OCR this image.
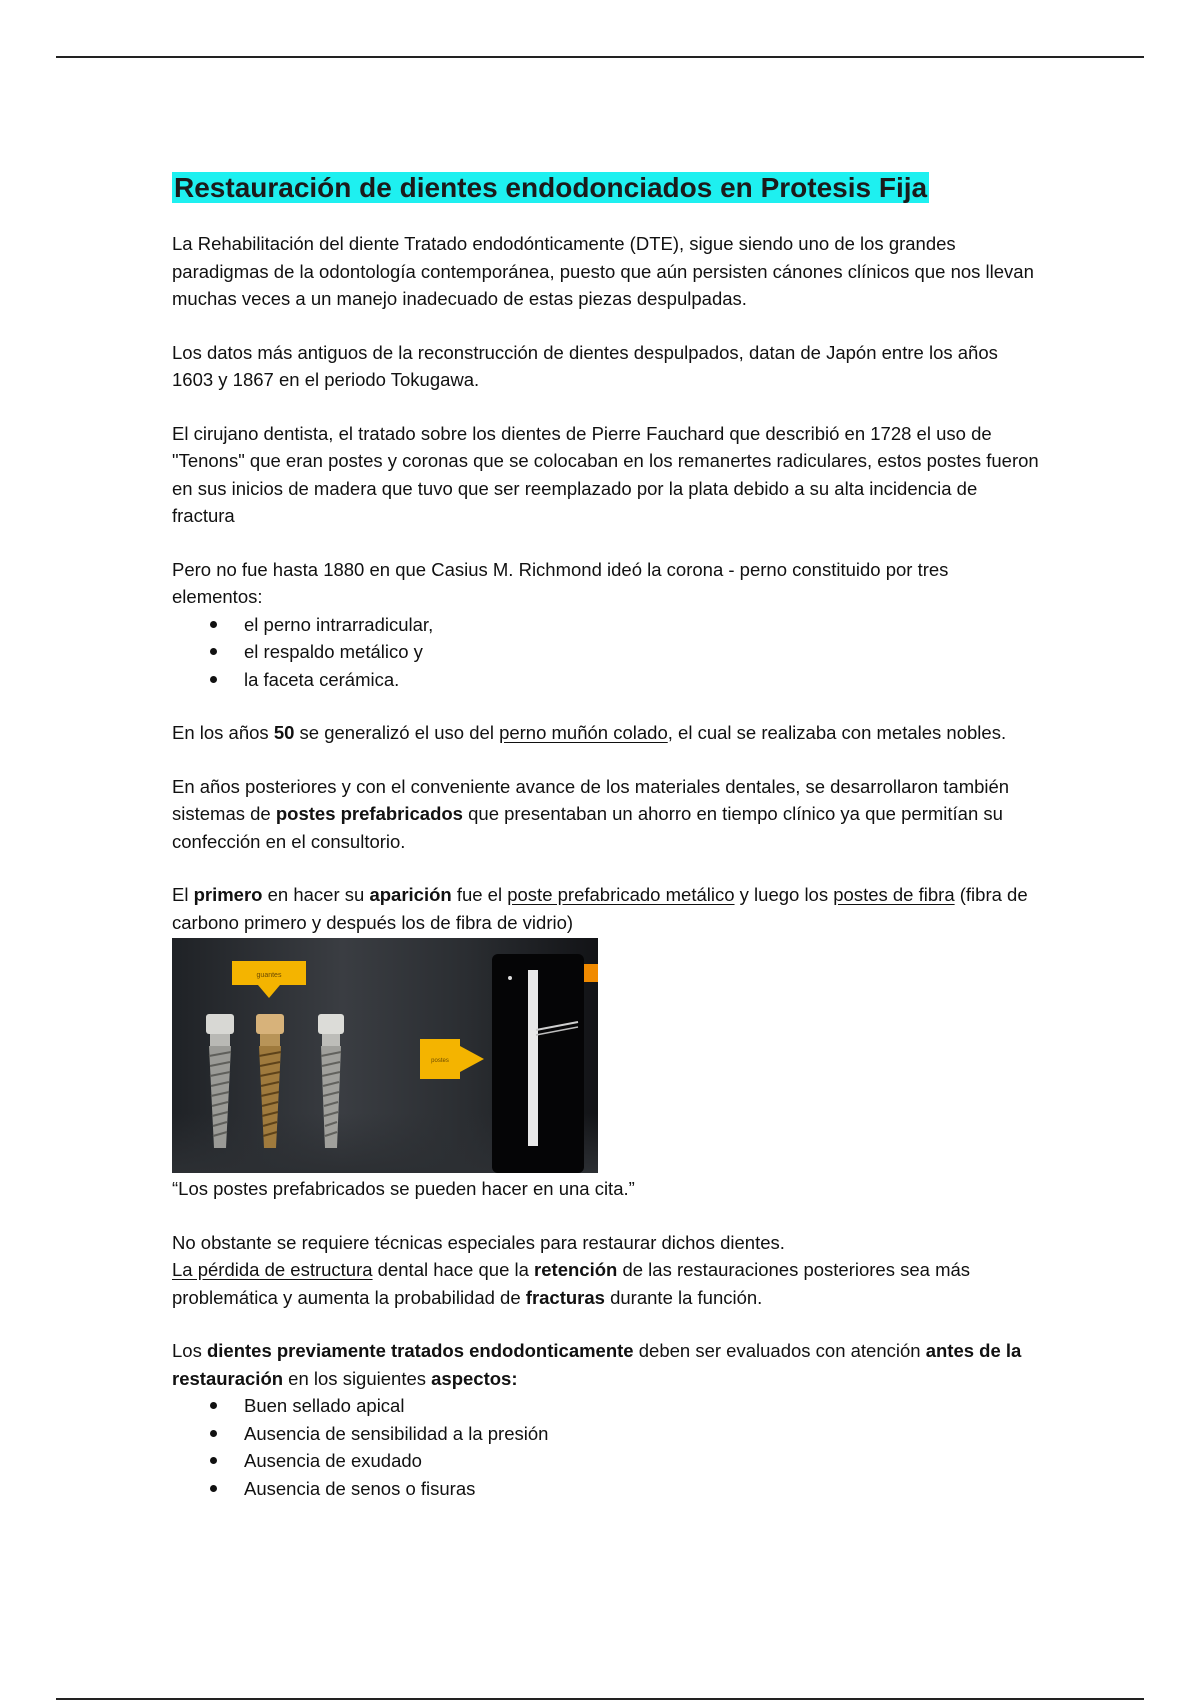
Restauración de dientes endodonciados en Protesis Fija

La Rehabilitación del diente Tratado endodónticamente (DTE), sigue siendo uno de los grandes paradigmas de la odontología contemporánea, puesto que aún persisten cánones clínicos que nos llevan muchas veces a un manejo inadecuado de estas piezas despulpadas.

Los datos más antiguos de la reconstrucción de dientes despulpados, datan de Japón entre los años 1603 y 1867 en el periodo Tokugawa.

El cirujano dentista, el tratado sobre los dientes de Pierre Fauchard que describió en 1728 el uso de "Tenons" que eran postes y coronas que se colocaban en los remanertes radiculares, estos postes fueron en sus inicios de madera que tuvo que ser reemplazado por la plata debido a su alta incidencia de fractura

Pero no fue hasta 1880 en que Casius M. Richmond ideó la corona - perno constituido por tres elementos:

el perno intrarradicular,
el respaldo metálico y
la faceta cerámica.

En los años 50 se generalizó el uso del perno muñón colado, el cual se realizaba con metales nobles.

En años posteriores y con el conveniente avance de los materiales dentales, se desarrollaron también sistemas de postes prefabricados que presentaban un ahorro en tiempo clínico ya que permitían su confección en el consultorio.

El primero en hacer su aparición fue el poste prefabricado metálico y luego los postes de fibra (fibra de carbono primero y después los de fibra de vidrio)

guantes
postes

“Los postes prefabricados se pueden hacer en una cita.”

No obstante se requiere técnicas especiales para restaurar dichos dientes.

La pérdida de estructura dental hace que la retención de las restauraciones posteriores sea más problemática y aumenta la probabilidad de fracturas durante la función.

Los dientes previamente tratados endodonticamente deben ser evaluados con atención antes de la restauración en los siguientes aspectos:

Buen sellado apical
Ausencia de sensibilidad a la presión
Ausencia de exudado
Ausencia de senos o fisuras
